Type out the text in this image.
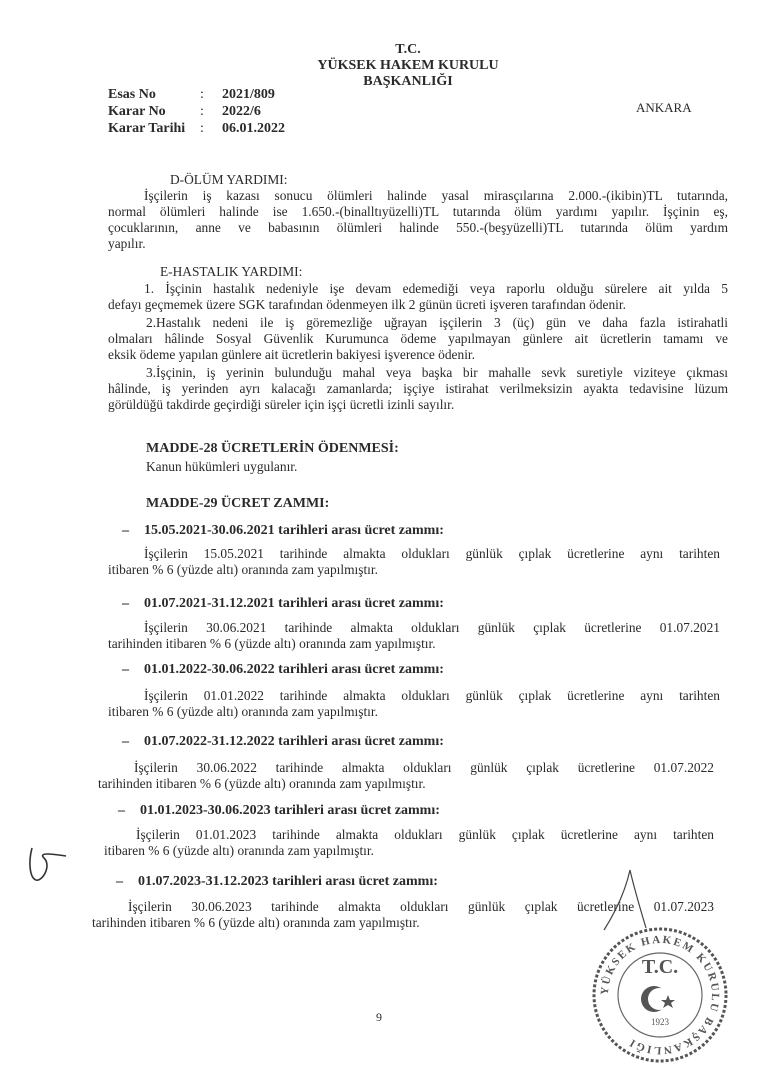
T.C.
YÜKSEK HAKEM KURULU
BAŞKANLIĞI
ANKARA
Esas No	: 2021/809
Karar No : 2022/6
Karar Tarihi : 06.01.2022
D-ÖLÜM YARDIMI:
İşçilerin iş kazası sonucu ölümleri halinde yasal mirasçılarına 2.000.-(ikibin)TL tutarında,
normal ölümleri halinde ise 1.650.-(binalltıyüzelli)TL tutarında ölüm yardımı yapılır. İşçinin eş,
çocuklarının, anne ve babasının ölümleri halinde 550.-(beşyüzelli)TL tutarında ölüm yardım
yapılır.
E-HASTALIK YARDIMI:
1. İşçinin hastalık nedeniyle işe devam edemediği veya raporlu olduğu sürelere ait yılda 5
defayı geçmemek üzere SGK tarafından ödenmeyen ilk 2 günün ücreti işveren tarafından ödenir.
2.Hastalık nedeni ile iş göremezliğe uğrayan işçilerin 3 (üç) gün ve daha fazla istirahatli
olmaları hâlinde Sosyal Güvenlik Kurumunca ödeme yapılmayan günlere ait ücretlerin tamamı ve
eksik ödeme yapılan günlere ait ücretlerin bakiyesi işverence ödenir.
3.İşçinin, iş yerinin bulunduğu mahal veya başka bir mahalle sevk suretiyle viziteye çıkması
hâlinde, iş yerinden ayrı kalacağı zamanlarda; işçiye istirahat verilmeksizin ayakta tedavisine lüzum
görüldüğü takdirde geçirdiği süreler için işçi ücretli izinli sayılır.
MADDE-28 ÜCRETLERİN ÖDENMESİ:
Kanun hükümleri uygulanır.
MADDE-29 ÜCRET ZAMMI:
– 15.05.2021-30.06.2021 tarihleri arası ücret zammı:
İşçilerin 15.05.2021 tarihinde almakta oldukları günlük çıplak ücretlerine aynı tarihten
itibaren % 6 (yüzde altı) oranında zam yapılmıştır.
– 01.07.2021-31.12.2021 tarihleri arası ücret zammı:
İşçilerin 30.06.2021 tarihinde almakta oldukları günlük çıplak ücretlerine 01.07.2021
tarihinden itibaren % 6 (yüzde altı) oranında zam yapılmıştır.
– 01.01.2022-30.06.2022 tarihleri arası ücret zammı:
İşçilerin 01.01.2022 tarihinde almakta oldukları günlük çıplak ücretlerine aynı tarihten
itibaren % 6 (yüzde altı) oranında zam yapılmıştır.
– 01.07.2022-31.12.2022 tarihleri arası ücret zammı:
İşçilerin 30.06.2022 tarihinde almakta oldukları günlük çıplak ücretlerine 01.07.2022
tarihinden itibaren % 6 (yüzde altı) oranında zam yapılmıştır.
– 01.01.2023-30.06.2023 tarihleri arası ücret zammı:
İşçilerin 01.01.2023 tarihinde almakta oldukları günlük çıplak ücretlerine aynı tarihten
itibaren % 6 (yüzde altı) oranında zam yapılmıştır.
– 01.07.2023-31.12.2023 tarihleri arası ücret zammı:
İşçilerin 30.06.2023 tarihinde almakta oldukları günlük çıplak ücretlerine 01.07.2023
tarihinden itibaren % 6 (yüzde altı) oranında zam yapılmıştır.
YÜKSEK HAKEM KURULU BAŞKANLIĞI
T.C.
1923
9
